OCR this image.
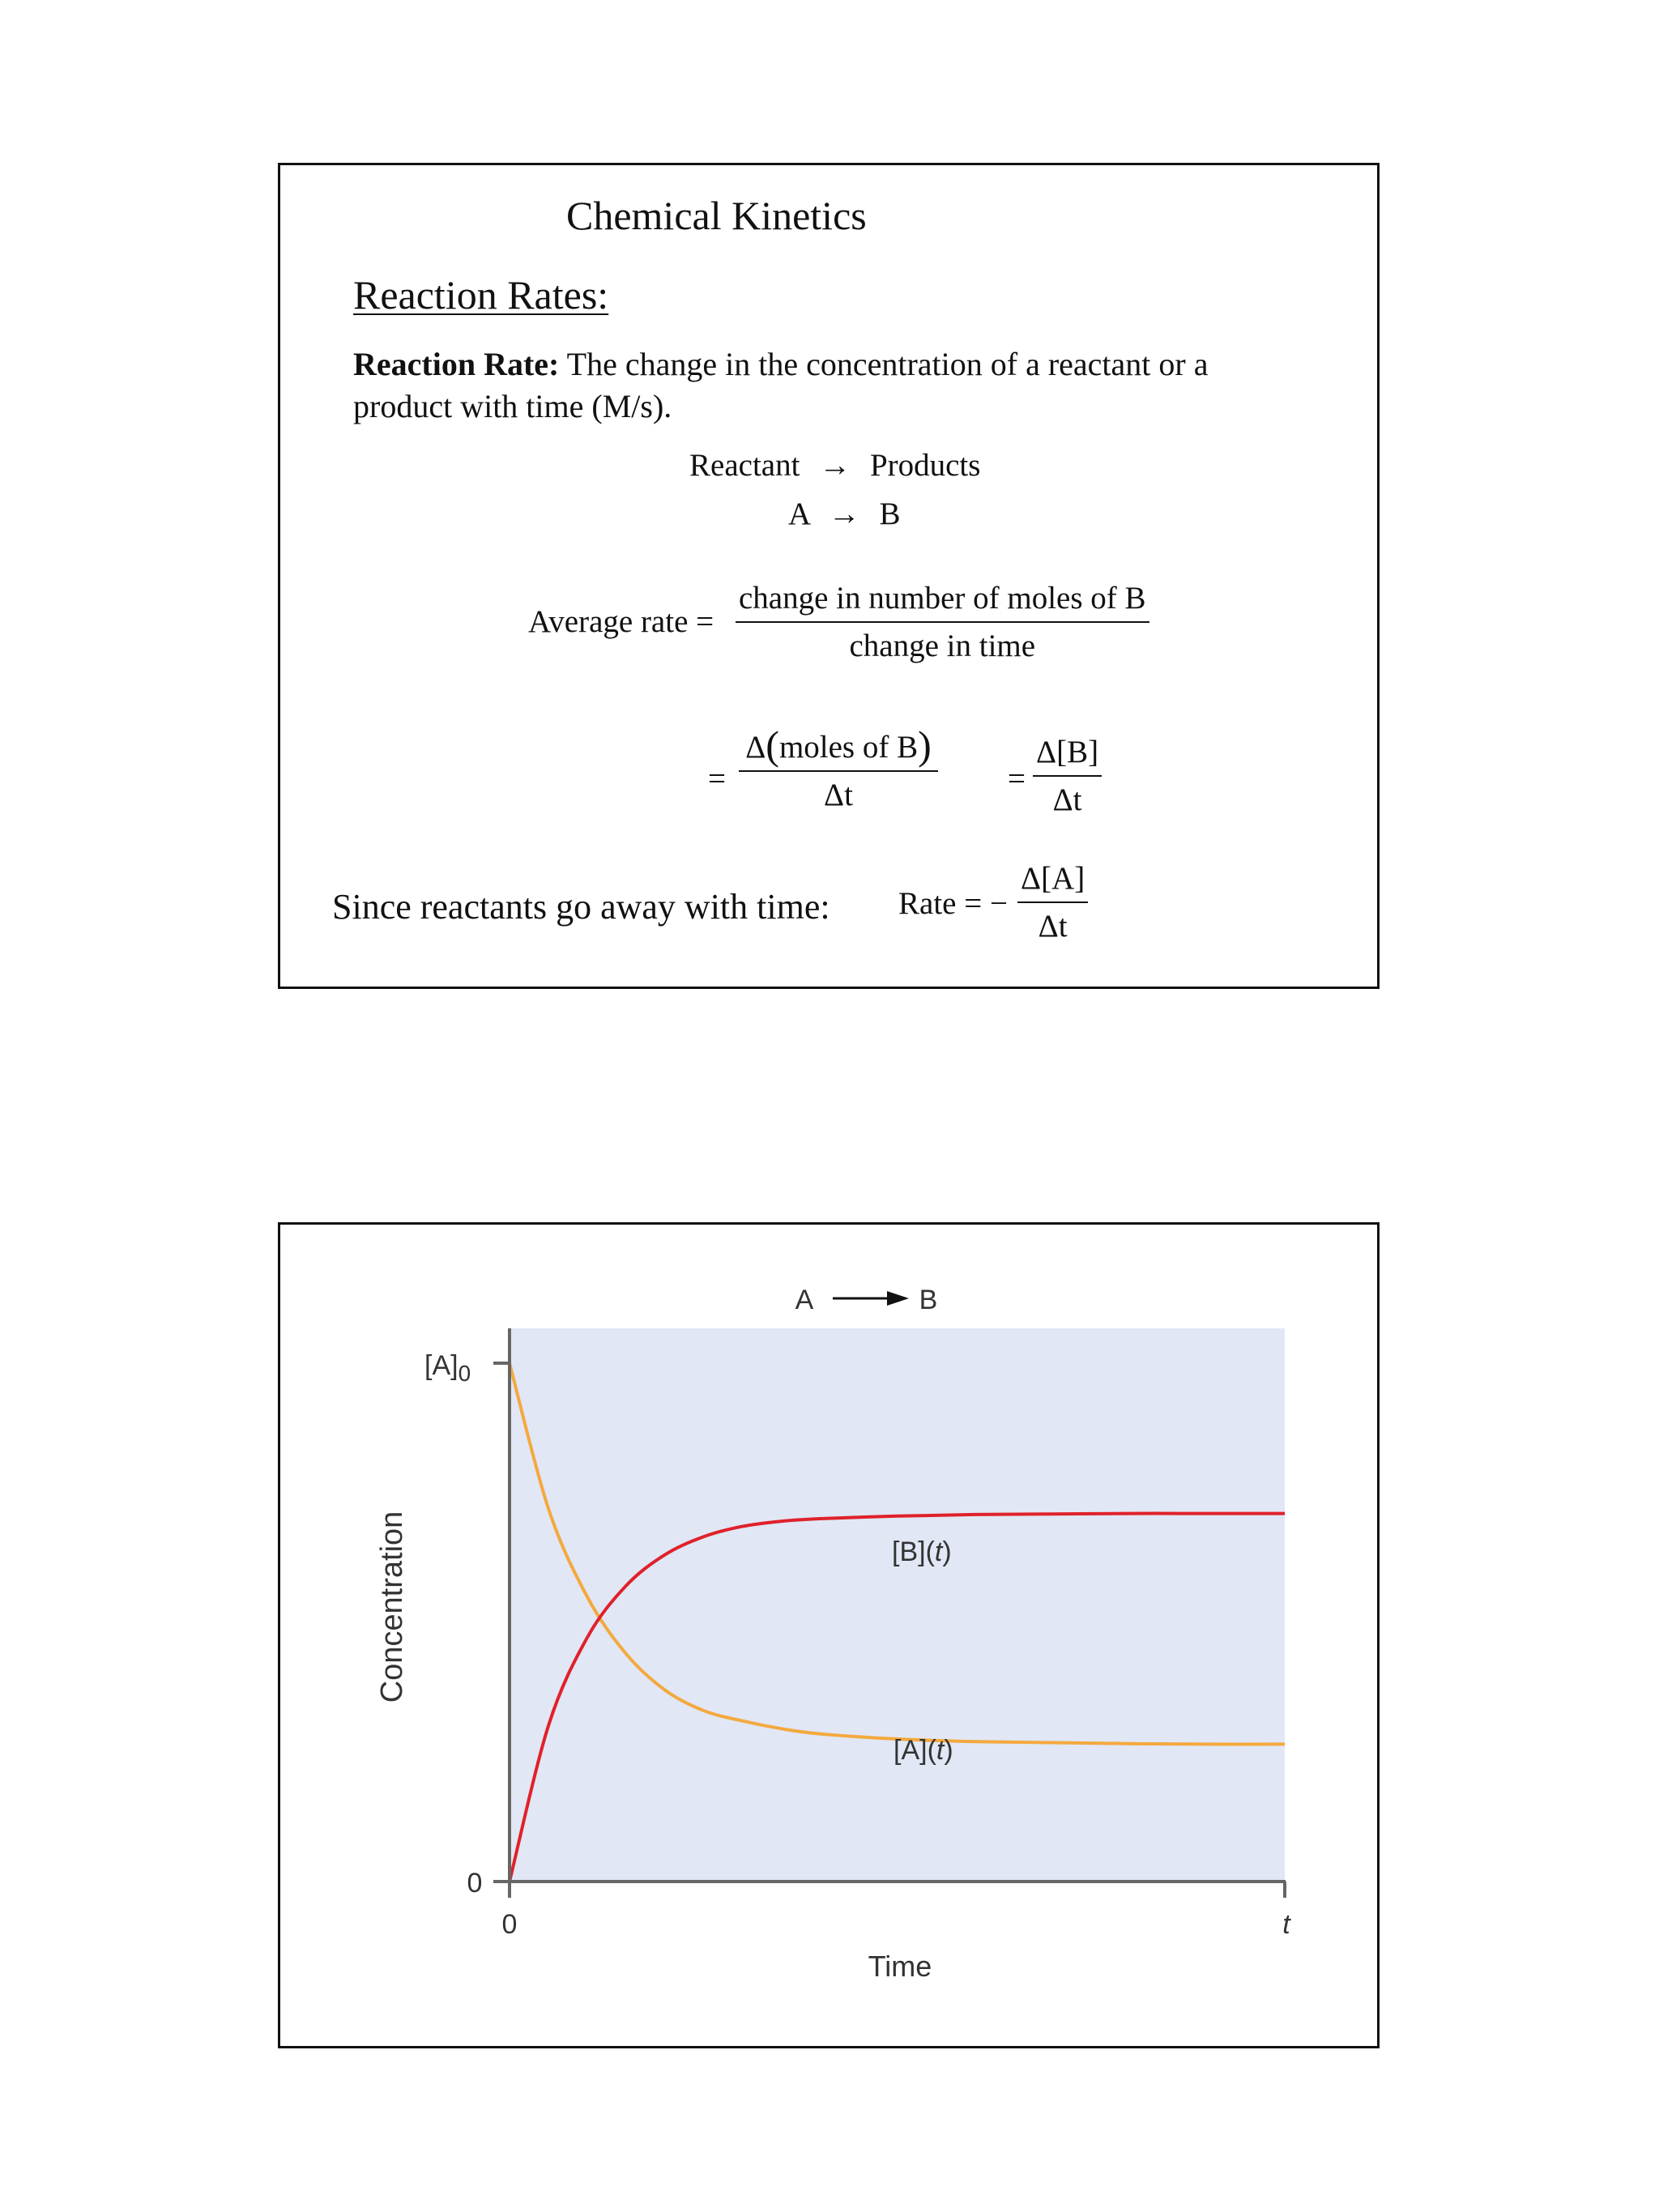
Chemical Kinetics
Reaction Rates:
Reaction Rate: The change in the concentration of a reactant or a product with time (M/s).
Reactant → Products
A → B
Average rate =
change in number of moles of B
change in time
=
Δ(moles of B)
Δt	= $\frac{\Delta[B]}{\Delta t}$
Since reactants go away with time: Rate = − $\frac{\Delta[A]}{\Delta t}$
A	B
$[A]_0$
0
0	t
Time
Concentration	[B](t)
[A](t)
